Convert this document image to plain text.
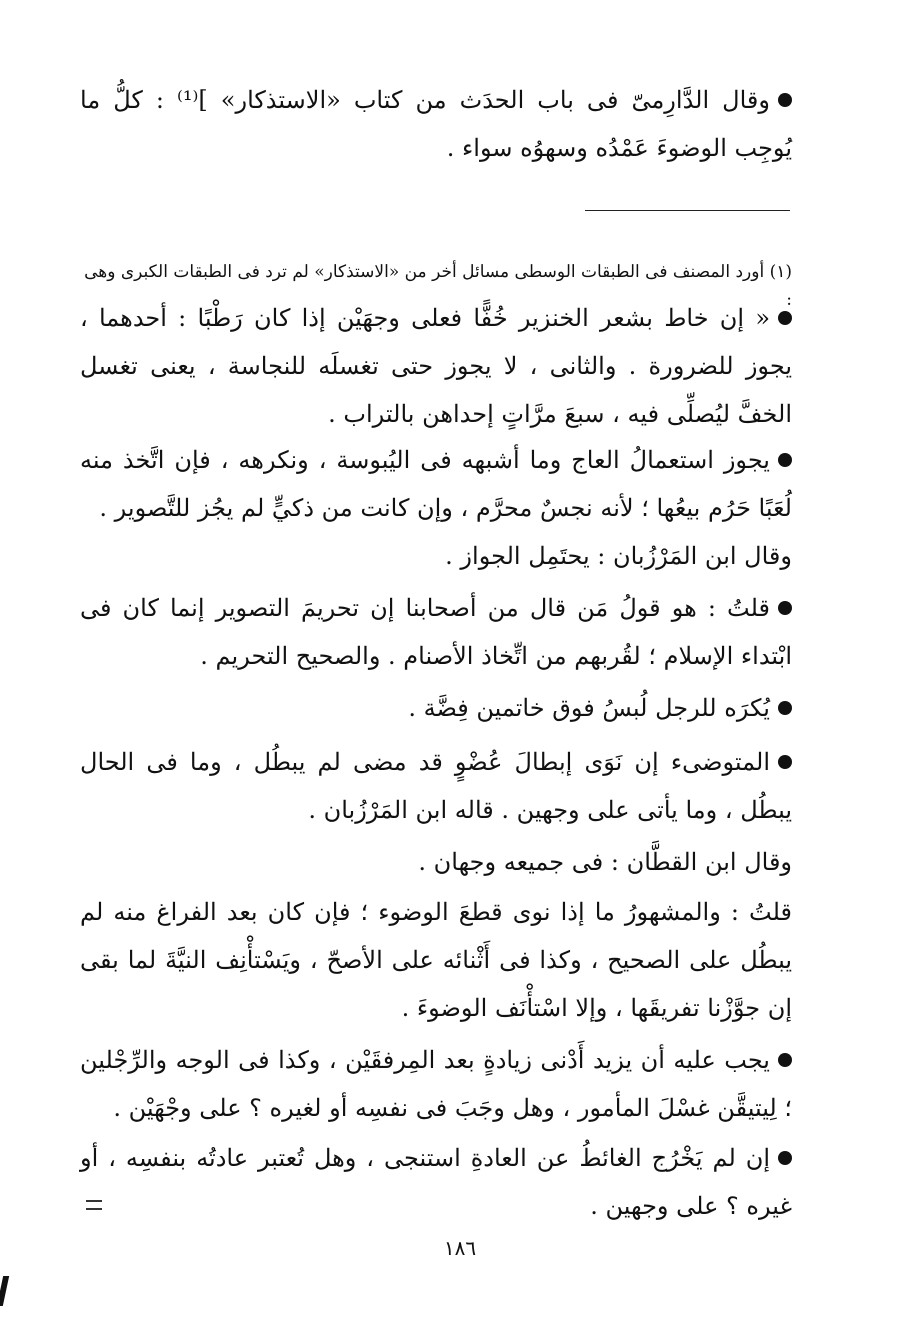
وقال الدَّارِمىّ فى باب الحدَث من كتاب «الاستذكار» ]⁽¹⁾ : كلُّ ما يُوجِب الوضوءَ عَمْدُه وسهوُه سواء .

(١) أورد المصنف فى الطبقات الوسطى مسائل أخر من «الاستذكار» لم ترد فى الطبقات الكبرى وهى :

« إن خاط بشعر الخنزير خُفًّا فعلى وجهَيْن إذا كان رَطْبًا : أحدهما ، يجوز للضرورة . والثانى ، لا يجوز حتى تغسلَه للنجاسة ، يعنى تغسل الخفَّ ليُصلِّى فيه ، سبعَ مرَّاتٍ إحداهن بالتراب .

يجوز استعمالُ العاج وما أشبهه فى اليُبوسة ، ونكرهه ، فإن اتَّخذ منه لُعَبًا حَرُم بيعُها ؛ لأنه نجسٌ محرَّم ، وإن كانت من ذكيٍّ لم يجُز للتَّصوير .

وقال ابن المَرْزُبان : يحتَمِل الجواز .

قلتُ : هو قولُ مَن قال من أصحابنا إن تحريمَ التصوير إنما كان فى ابْتداء الإسلام ؛ لقُربهم من اتِّخاذ الأصنام . والصحيح التحريم .

يُكرَه للرجل لُبسُ فوق خاتمين فِضَّة .

المتوضىء إن نَوَى إبطالَ عُضْوٍ قد مضى لم يبطُل ، وما فى الحال يبطُل ، وما يأتى على وجهين . قاله ابن المَرْزُبان .

وقال ابن القطَّان : فى جميعه وجهان .

قلتُ : والمشهورُ ما إذا نوى قطعَ الوضوء ؛ فإن كان بعد الفراغ منه لم يبطُل على الصحيح ، وكذا فى أَثْنائه على الأصحّ ، ويَسْتأْنِف النيَّةَ لما بقى إن جوَّزْنا تفريقَها ، وإلا اسْتأْنَف الوضوءَ .

يجب عليه أن يزيد أَدْنى زيادةٍ بعد المِرفقَيْن ، وكذا فى الوجه والرِّجْلين ؛ لِيتيقَّن غسْلَ المأمور ، وهل وجَبَ فى نفسِه أو لغيره ؟ على وجْهَيْن .

إن لم يَخْرُج الغائطُ عن العادةِ استنجى ، وهل تُعتبر عادتُه بنفسِه ، أو غيره ؟ على وجهين .

١٨٦
